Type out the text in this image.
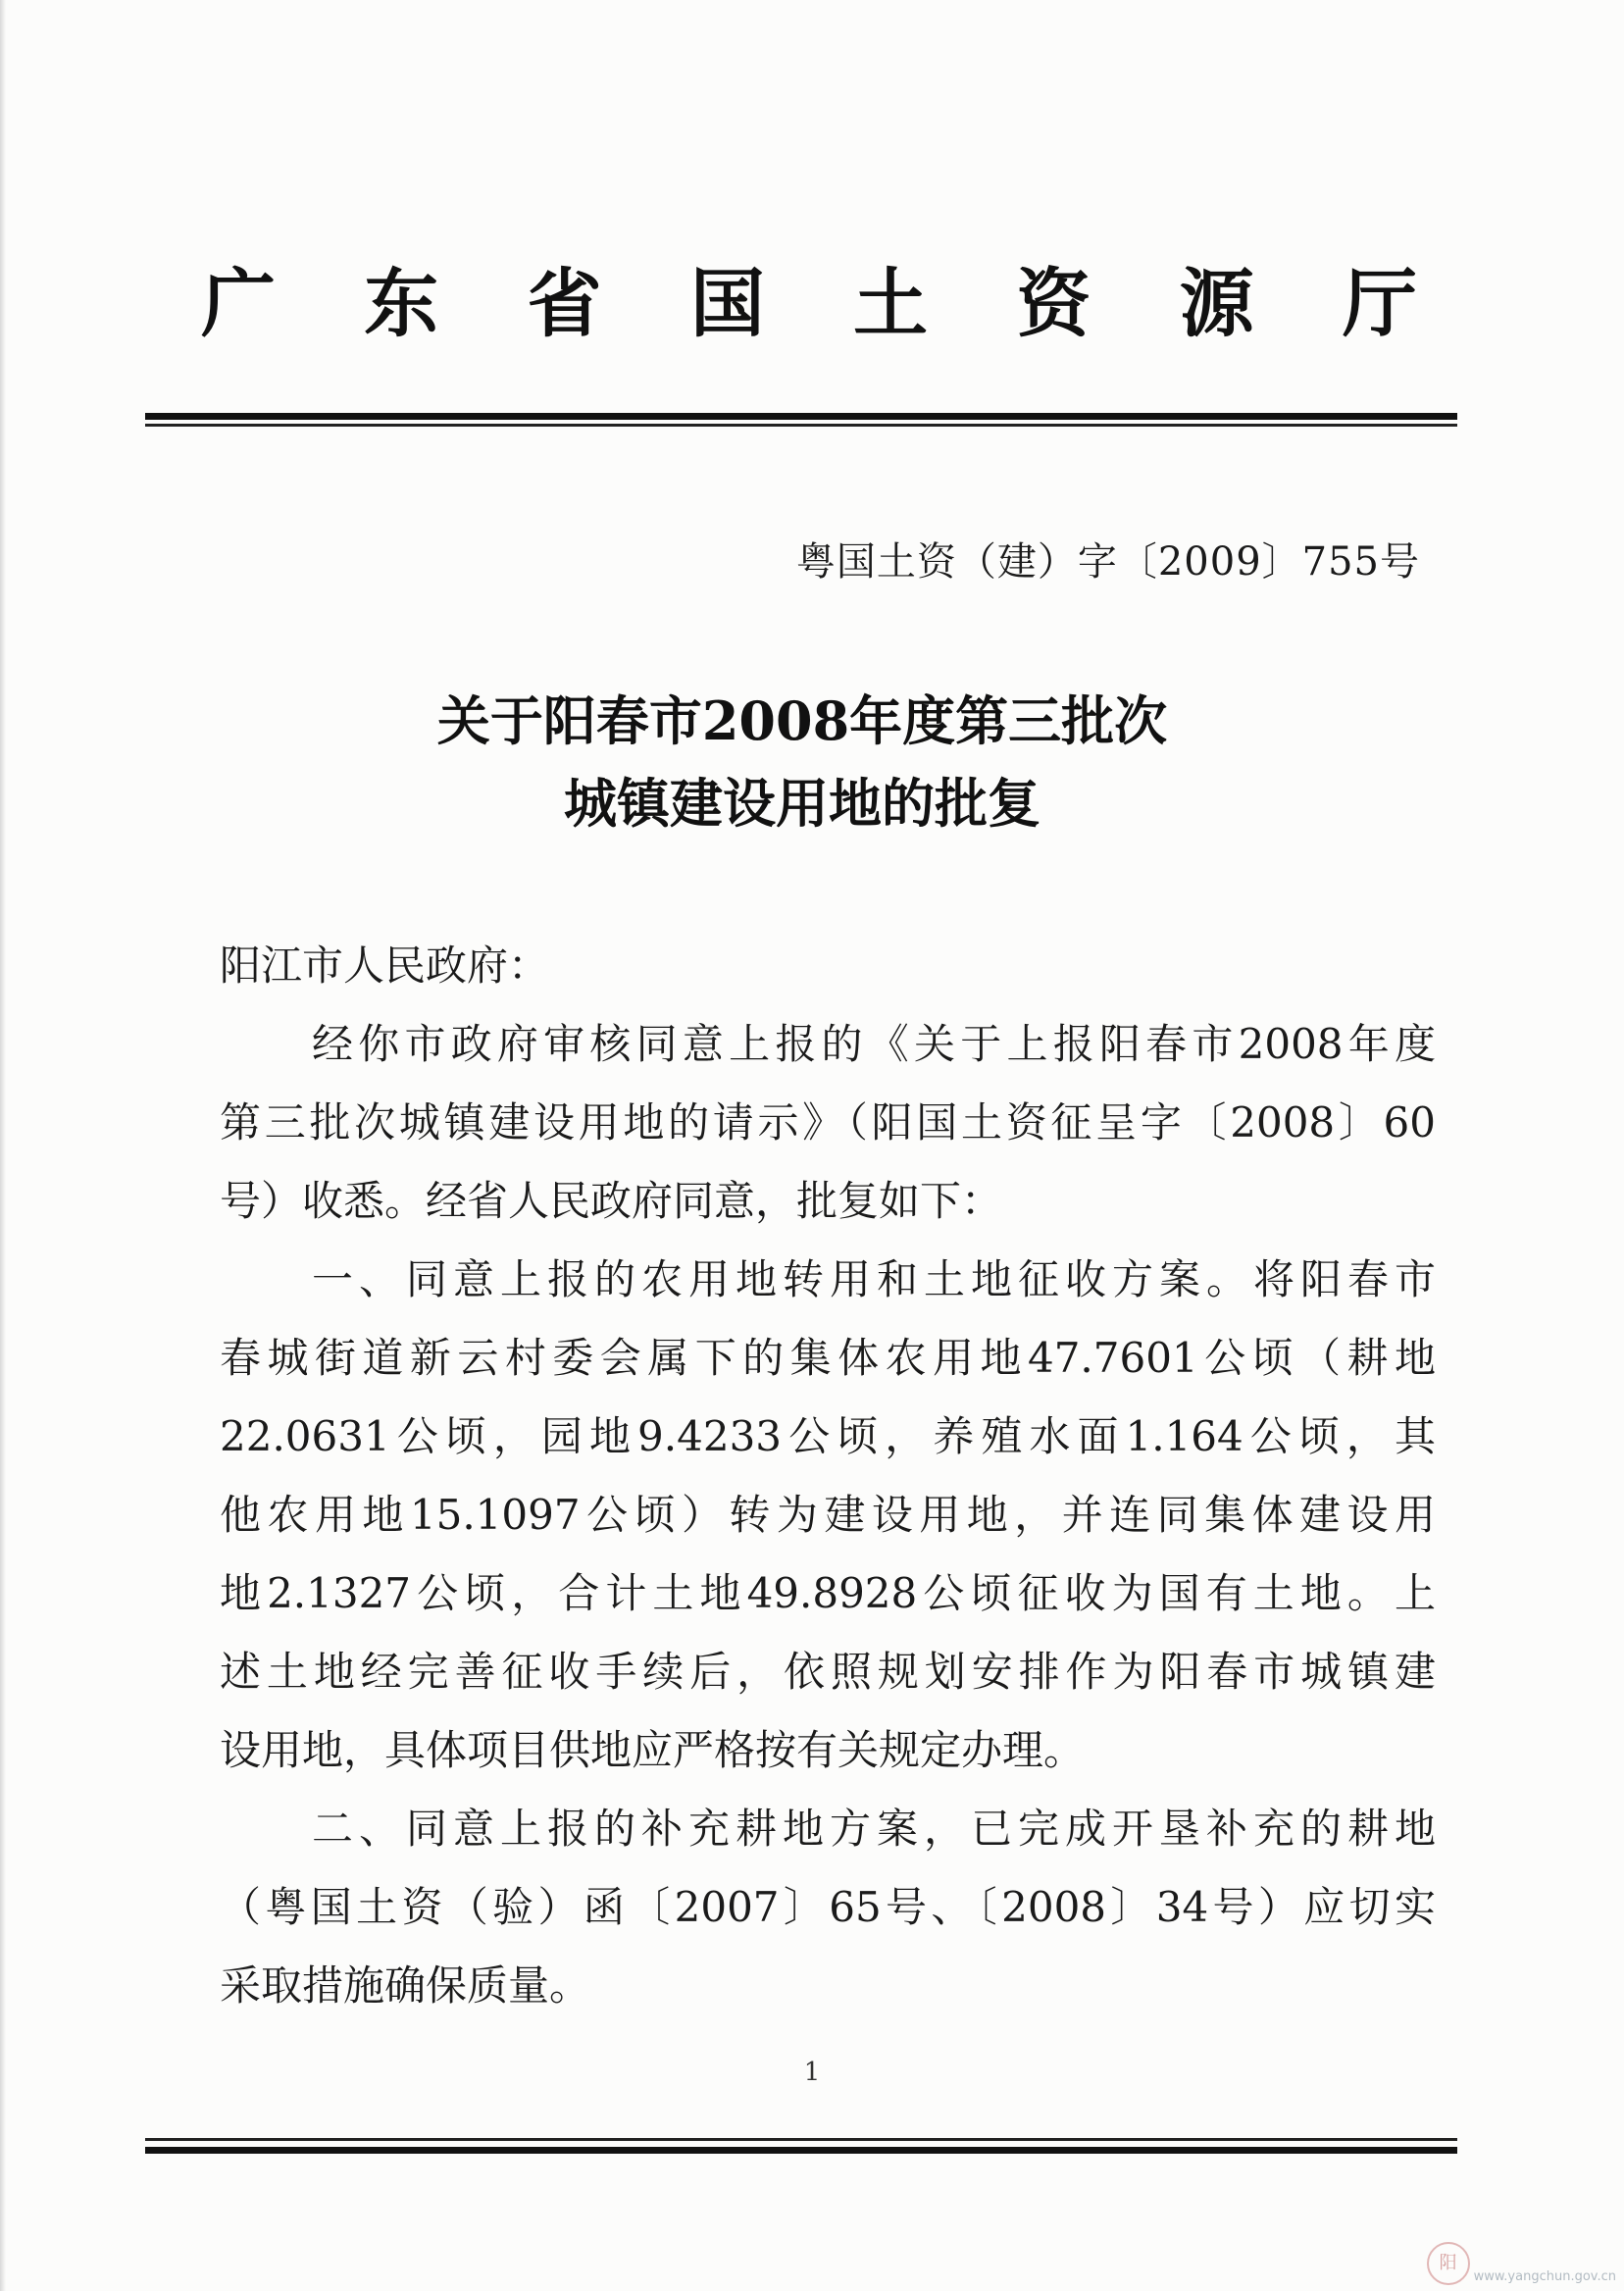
广 东 省 国 土 资 源 厅
粤国土资（建）字〔2009〕755号
关于阳春市2008年度第三批次
城镇建设用地的批复
阳江市人民政府：
经你市政府审核同意上报的《关于上报阳春市2008年度
第三批次城镇建设用地的请示》（阳国土资征呈字〔2008〕60
号）收悉。经省人民政府同意，批复如下：
一、同意上报的农用地转用和土地征收方案。将阳春市
春城街道新云村委会属下的集体农用地47.7601公顷（耕地
22.0631公顷，园地9.4233公顷，养殖水面1.164公顷，其
他农用地15.1097公顷）转为建设用地，并连同集体建设用
地2.1327公顷，合计土地49.8928公顷征收为国有土地。上
述土地经完善征收手续后，依照规划安排作为阳春市城镇建
设用地，具体项目供地应严格按有关规定办理。
二、同意上报的补充耕地方案，已完成开垦补充的耕地
（粤国土资（验）函〔2007〕65号、〔2008〕34号）应切实
采取措施确保质量。
1
阳
www.yangchun.gov.cn
